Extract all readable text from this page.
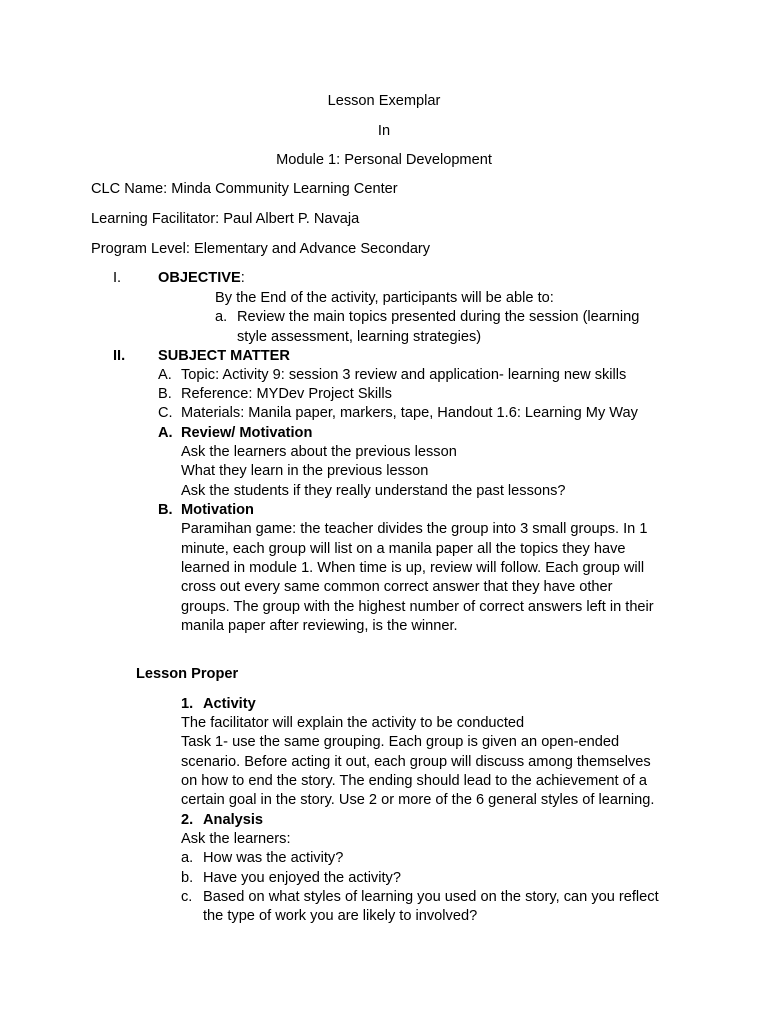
Lesson Exemplar
In
Module 1: Personal Development
CLC Name: Minda Community Learning Center
Learning Facilitator: Paul Albert P. Navaja
Program Level: Elementary and Advance Secondary
I.	OBJECTIVE:
By the End of the activity, participants will be able to:
a. Review the main topics presented during the session (learning
style assessment, learning strategies)
II. SUBJECT MATTER
A. Topic: Activity 9: session 3 review and application- learning new skills
B. Reference: MYDev Project Skills
C. Materials: Manila paper, markers, tape, Handout 1.6: Learning My Way
A. Review/ Motivation
Ask the learners about the previous lesson
What they learn in the previous lesson
Ask the students if they really understand the past lessons?
B. Motivation
Paramihan game: the teacher divides the group into 3 small groups. In 1
minute, each group will list on a manila paper all the topics they have
learned in module 1. When time is up, review will follow. Each group will
cross out every same common correct answer that they have other
groups. The group with the highest number of correct answers left in their
manila paper after reviewing, is the winner.
Lesson Proper
1. Activity
The facilitator will explain the activity to be conducted
Task 1- use the same grouping. Each group is given an open-ended
scenario. Before acting it out, each group will discuss among themselves
on how to end the story. The ending should lead to the achievement of a
certain goal in the story. Use 2 or more of the 6 general styles of learning.
2. Analysis
Ask the learners:
a. How was the activity?
b. Have you enjoyed the activity?
c. Based on what styles of learning you used on the story, can you reflect
the type of work you are likely to involved?
